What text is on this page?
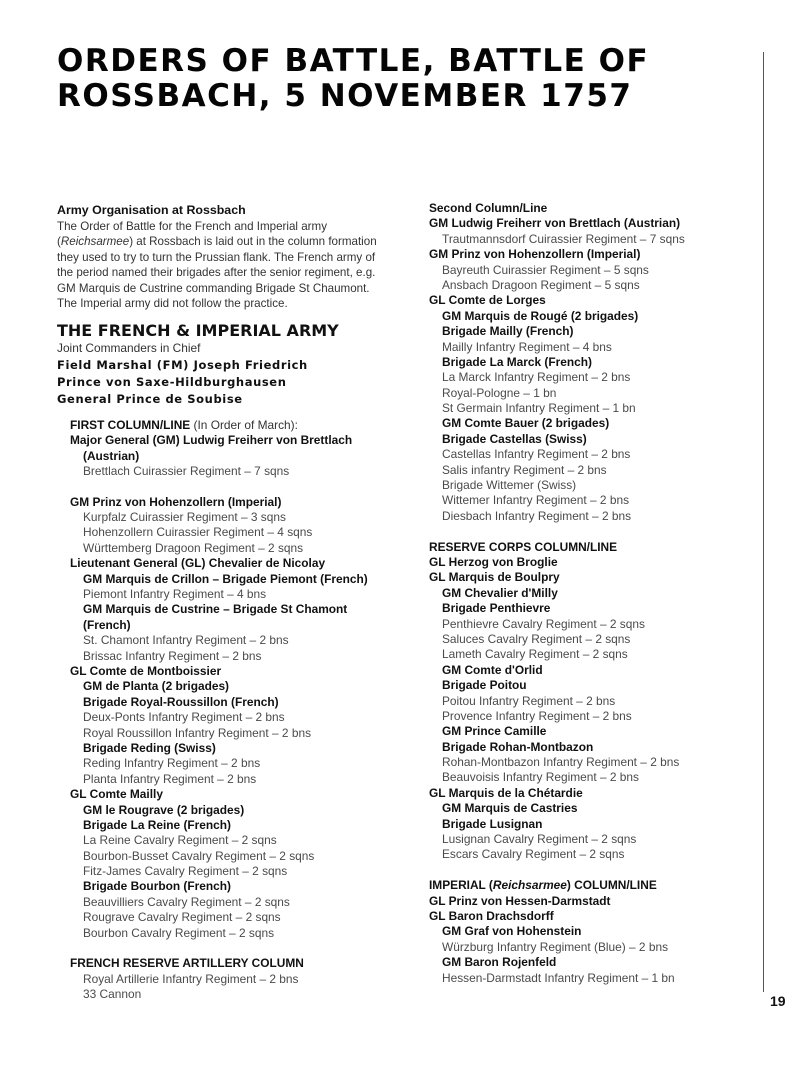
ORDERS OF BATTLE, BATTLE OF
ROSSBACH, 5 NOVEMBER 1757
19
Army Organisation at Rossbach
The Order of Battle for the French and Imperial army
(Reichsarmee) at Rossbach is laid out in the column formation
they used to try to turn the Prussian flank. The French army of
the period named their brigades after the senior regiment, e.g.
GM Marquis de Custrine commanding Brigade St Chaumont.
The Imperial army did not follow the practice.
THE FRENCH & IMPERIAL ARMY
Joint Commanders in Chief
Field Marshal (FM) Joseph Friedrich
Prince von Saxe-Hildburghausen
General Prince de Soubise
FIRST COLUMN/LINE (In Order of March):
Major General (GM) Ludwig Freiherr von Brettlach
(Austrian)
Brettlach Cuirassier Regiment – 7 sqns
GM Prinz von Hohenzollern (Imperial)
Kurpfalz Cuirassier Regiment – 3 sqns
Hohenzollern Cuirassier Regiment – 4 sqns
Württemberg Dragoon Regiment – 2 sqns
Lieutenant General (GL) Chevalier de Nicolay
GM Marquis de Crillon – Brigade Piemont (French)
Piemont Infantry Regiment – 4 bns
GM Marquis de Custrine – Brigade St Chamont
(French)
St. Chamont Infantry Regiment – 2 bns
Brissac Infantry Regiment – 2 bns
GL Comte de Montboissier
GM de Planta (2 brigades)
Brigade Royal-Roussillon (French)
Deux-Ponts Infantry Regiment – 2 bns
Royal Roussillon Infantry Regiment – 2 bns
Brigade Reding (Swiss)
Reding Infantry Regiment – 2 bns
Planta Infantry Regiment – 2 bns
GL Comte Mailly
GM le Rougrave (2 brigades)
Brigade La Reine (French)
La Reine Cavalry Regiment – 2 sqns
Bourbon-Busset Cavalry Regiment – 2 sqns
Fitz-James Cavalry Regiment – 2 sqns
Brigade Bourbon (French)
Beauvilliers Cavalry Regiment – 2 sqns
Rougrave Cavalry Regiment – 2 sqns
Bourbon Cavalry Regiment – 2 sqns
FRENCH RESERVE ARTILLERY COLUMN
Royal Artillerie Infantry Regiment – 2 bns
33 Cannon
Second Column/Line
GM Ludwig Freiherr von Brettlach (Austrian)
Trautmannsdorf Cuirassier Regiment – 7 sqns
GM Prinz von Hohenzollern (Imperial)
Bayreuth Cuirassier Regiment – 5 sqns
Ansbach Dragoon Regiment – 5 sqns
GL Comte de Lorges
GM Marquis de Rougé (2 brigades)
Brigade Mailly (French)
Mailly Infantry Regiment – 4 bns
Brigade La Marck (French)
La Marck Infantry Regiment – 2 bns
Royal-Pologne – 1 bn
St Germain Infantry Regiment – 1 bn
GM Comte Bauer (2 brigades)
Brigade Castellas (Swiss)
Castellas Infantry Regiment – 2 bns
Salis infantry Regiment – 2 bns
Brigade Wittemer (Swiss)
Wittemer Infantry Regiment – 2 bns
Diesbach Infantry Regiment – 2 bns
RESERVE CORPS COLUMN/LINE
GL Herzog von Broglie
GL Marquis de Boulpry
GM Chevalier d'Milly
Brigade Penthievre
Penthievre Cavalry Regiment – 2 sqns
Saluces Cavalry Regiment – 2 sqns
Lameth Cavalry Regiment – 2 sqns
GM Comte d'Orlid
Brigade Poitou
Poitou Infantry Regiment – 2 bns
Provence Infantry Regiment – 2 bns
GM Prince Camille
Brigade Rohan-Montbazon
Rohan-Montbazon Infantry Regiment – 2 bns
Beauvoisis Infantry Regiment – 2 bns
GL Marquis de la Chétardie
GM Marquis de Castries
Brigade Lusignan
Lusignan Cavalry Regiment – 2 sqns
Escars Cavalry Regiment – 2 sqns
IMPERIAL (Reichsarmee) COLUMN/LINE
GL Prinz von Hessen-Darmstadt
GL Baron Drachsdorff
GM Graf von Hohenstein
Würzburg Infantry Regiment (Blue) – 2 bns
GM Baron Rojenfeld
Hessen-Darmstadt Infantry Regiment – 1 bn
